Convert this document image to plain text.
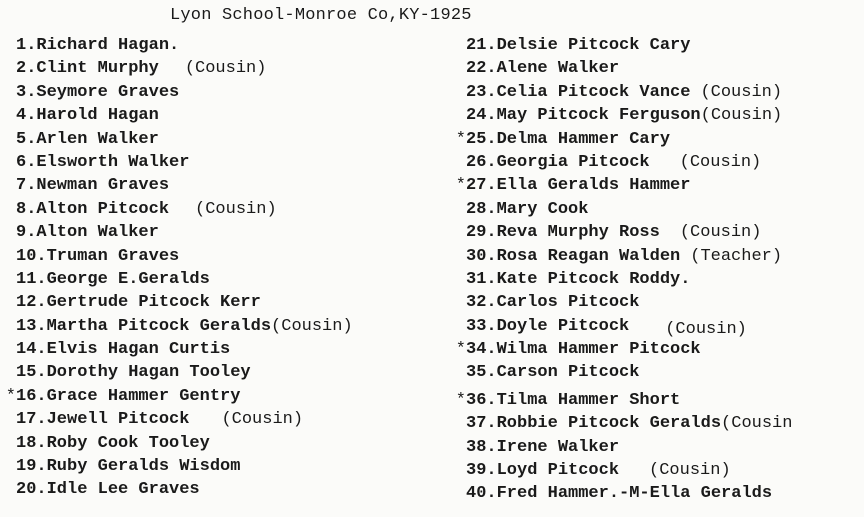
Lyon School-Monroe Co,KY-1925
1.Richard Hagan.
2.Clint Murphy (Cousin)
3.Seymore Graves
4.Harold Hagan
5.Arlen Walker
6.Elsworth Walker
7.Newman Graves
8.Alton Pitcock (Cousin)
9.Alton Walker
10.Truman Graves
11.George E.Geralds
12.Gertrude Pitcock Kerr
13.Martha Pitcock Geralds(Cousin)
14.Elvis Hagan Curtis
15.Dorothy Hagan Tooley
*16.Grace Hammer Gentry
17.Jewell Pitcock (Cousin)
18.Roby Cook Tooley
19.Ruby Geralds Wisdom
20.Idle Lee Graves
21.Delsie Pitcock Cary
22.Alene Walker
23.Celia Pitcock Vance (Cousin)
24.May Pitcock Ferguson(Cousin)
*25.Delma Hammer Cary
26.Georgia Pitcock (Cousin)
*27.Ella Geralds Hammer
28.Mary Cook
29.Reva Murphy Ross (Cousin)
30.Rosa Reagan Walden (Teacher)
31.Kate Pitcock Roddy.
32.Carlos Pitcock
33.Doyle Pitcock (Cousin)
*34.Wilma Hammer Pitcock
35.Carson Pitcock
*36.Tilma Hammer Short
37.Robbie Pitcock Geralds(Cousin
38.Irene Walker
39.Loyd Pitcock (Cousin)
40.Fred Hammer.-M-Ella Geralds
